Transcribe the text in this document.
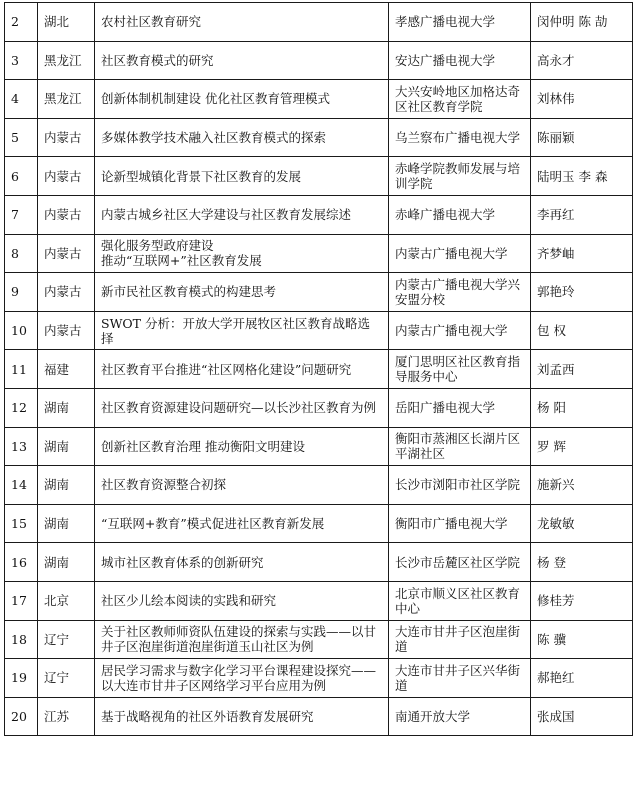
2	湖北	农村社区教育研究	孝感广播电视大学	闵仲明 陈 劼
3	黑龙江	社区教育模式的研究	安达广播电视大学	高永才
4	黑龙江	创新体制机制建设 优化社区教育管理模式	大兴安岭地区加格达奇区社区教育学院	刘林伟
5	内蒙古	多媒体教学技术融入社区教育模式的探索	乌兰察布广播电视大学	陈丽颖
6	内蒙古	论新型城镇化背景下社区教育的发展	赤峰学院教师发展与培训学院	陆明玉 李 森
7	内蒙古	内蒙古城乡社区大学建设与社区教育发展综述	赤峰广播电视大学	李再红
8	内蒙古	强化服务型政府建设
推动“互联网+”社区教育发展	内蒙古广播电视大学	齐梦岫
9	内蒙古	新市民社区教育模式的构建思考	内蒙古广播电视大学兴安盟分校	郭艳玲
10	内蒙古	SWOT 分析：开放大学开展牧区社区教育战略选择	内蒙古广播电视大学	包 权
11	福建	社区教育平台推进“社区网格化建设”问题研究	厦门思明区社区教育指导服务中心	刘孟西
12	湖南	社区教育资源建设问题研究—以长沙社区教育为例	岳阳广播电视大学	杨 阳
13	湖南	创新社区教育治理 推动衡阳文明建设	衡阳市蒸湘区长湖片区平湖社区	罗 辉
14	湖南	社区教育资源整合初探	长沙市浏阳市社区学院	施新兴
15	湖南	“互联网+教育”模式促进社区教育新发展	衡阳市广播电视大学	龙敏敏
16	湖南	城市社区教育体系的创新研究	长沙市岳麓区社区学院	杨 登
17	北京	社区少儿绘本阅读的实践和研究	北京市顺义区社区教育中心	修桂芳
18	辽宁	关于社区教师师资队伍建设的探索与实践——以甘井子区泡崖街道泡崖街道玉山社区为例	大连市甘井子区泡崖街道	陈 骥
19	辽宁	居民学习需求与数字化学习平台课程建设探究——以大连市甘井子区网络学习平台应用为例	大连市甘井子区兴华街道	郝艳红
20	江苏	基于战略视角的社区外语教育发展研究	南通开放大学	张成国
